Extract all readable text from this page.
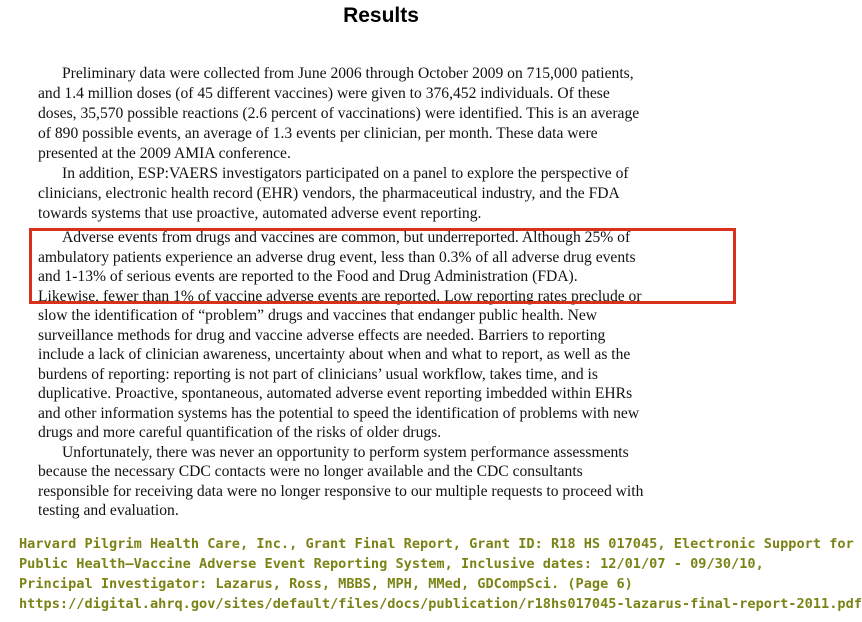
Results
Preliminary data were collected from June 2006 through October 2009 on 715,000 patients,
and 1.4 million doses (of 45 different vaccines) were given to 376,452 individuals. Of these
doses, 35,570 possible reactions (2.6 percent of vaccinations) were identified. This is an average
of 890 possible events, an average of 1.3 events per clinician, per month. These data were
presented at the 2009 AMIA conference.
In addition, ESP:VAERS investigators participated on a panel to explore the perspective of
clinicians, electronic health record (EHR) vendors, the pharmaceutical industry, and the FDA
towards systems that use proactive, automated adverse event reporting.
Adverse events from drugs and vaccines are common, but underreported. Although 25% of
ambulatory patients experience an adverse drug event, less than 0.3% of all adverse drug events
and 1-13% of serious events are reported to the Food and Drug Administration (FDA).
Likewise, fewer than 1% of vaccine adverse events are reported. Low reporting rates preclude or
slow the identification of “problem” drugs and vaccines that endanger public health. New
surveillance methods for drug and vaccine adverse effects are needed. Barriers to reporting
include a lack of clinician awareness, uncertainty about when and what to report, as well as the
burdens of reporting: reporting is not part of clinicians’ usual workflow, takes time, and is
duplicative. Proactive, spontaneous, automated adverse event reporting imbedded within EHRs
and other information systems has the potential to speed the identification of problems with new
drugs and more careful quantification of the risks of older drugs.
Unfortunately, there was never an opportunity to perform system performance assessments
because the necessary CDC contacts were no longer available and the CDC consultants
responsible for receiving data were no longer responsive to our multiple requests to proceed with
testing and evaluation.
Harvard Pilgrim Health Care, Inc., Grant Final Report, Grant ID: R18 HS 017045, Electronic Support for
Public Health–Vaccine Adverse Event Reporting System, Inclusive dates: 12/01/07 - 09/30/10,
Principal Investigator: Lazarus, Ross, MBBS, MPH, MMed, GDCompSci. (Page 6)
https://digital.ahrq.gov/sites/default/files/docs/publication/r18hs017045-lazarus-final-report-2011.pdf
